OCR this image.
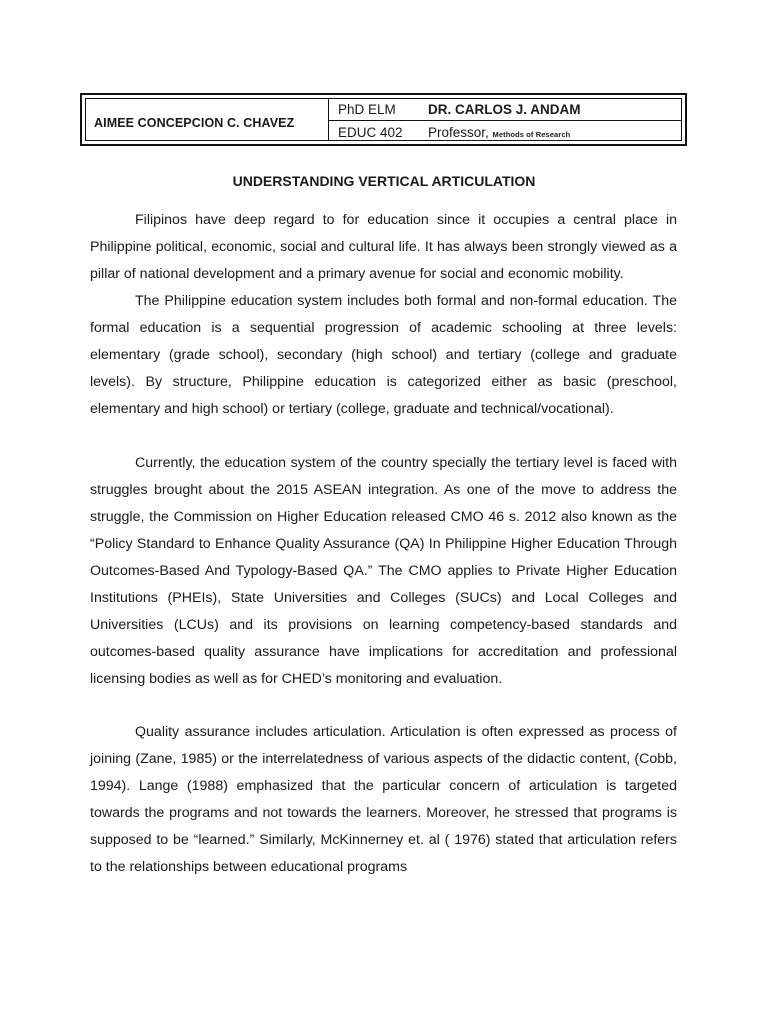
AIMEE CONCEPCION C. CHAVEZ
PhD ELM
EDUC 402
DR. CARLOS J. ANDAM
Professor, Methods of Research
UNDERSTANDING VERTICAL ARTICULATION

Filipinos have deep regard to for education since it occupies a central place in Philippine political, economic, social and cultural life. It has always been strongly viewed as a pillar of national development and a primary avenue for social and economic mobility.

The Philippine education system includes both formal and non-formal education. The formal education is a sequential progression of academic schooling at three levels: elementary (grade school), secondary (high school) and tertiary (college and graduate levels). By structure, Philippine education is categorized either as basic (preschool, elementary and high school) or tertiary (college, graduate and technical/vocational).

Currently, the education system of the country specially the tertiary level is faced with struggles brought about the 2015 ASEAN integration. As one of the move to address the struggle, the Commission on Higher Education released CMO 46 s. 2012 also known as the “Policy Standard to Enhance Quality Assurance (QA) In Philippine Higher Education Through Outcomes-Based And Typology-Based QA.” The CMO applies to Private Higher Education Institutions (PHEIs), State Universities and Colleges (SUCs) and Local Colleges and Universities (LCUs) and its provisions on learning competency-based standards and outcomes-based quality assurance have implications for accreditation and professional licensing bodies as well as for CHED’s monitoring and evaluation.

Quality assurance includes articulation. Articulation is often expressed as process of joining (Zane, 1985) or the interrelatedness of various aspects of the didactic content, (Cobb, 1994). Lange (1988) emphasized that the particular concern of articulation is targeted towards the programs and not towards the learners. Moreover, he stressed that programs is supposed to be “learned.” Similarly, McKinnerney et. al ( 1976) stated that articulation refers to the relationships between educational programs
